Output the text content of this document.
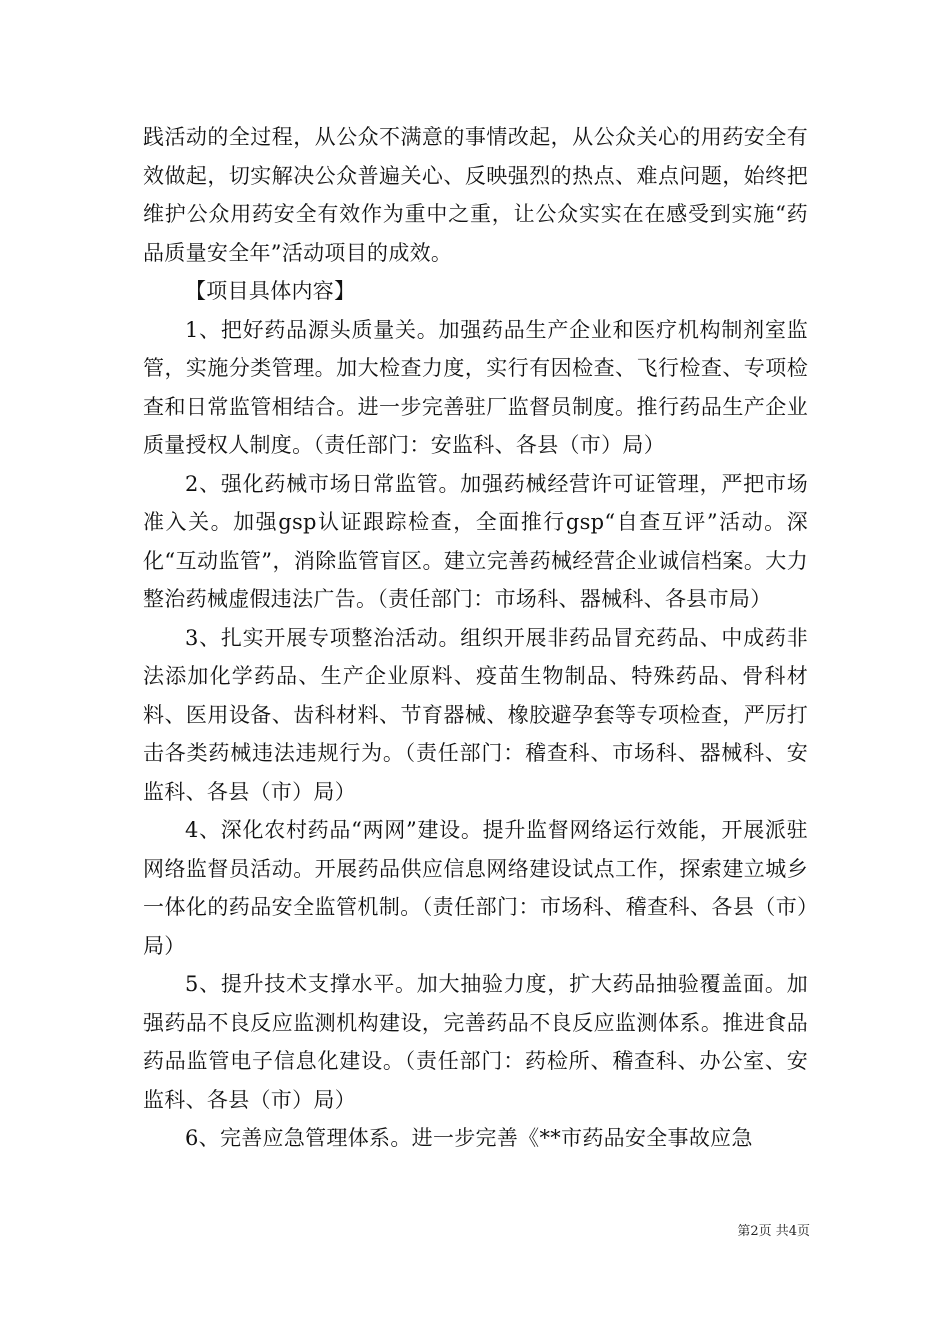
践活动的全过程，从公众不满意的事情改起，从公众关心的用药安全有效做起，切实解决公众普遍关心、反映强烈的热点、难点问题，始终把维护公众用药安全有效作为重中之重，让公众实实在在感受到实施“药品质量安全年”活动项目的成效。

【项目具体内容】

1、把好药品源头质量关。加强药品生产企业和医疗机构制剂室监管，实施分类管理。加大检查力度，实行有因检查、飞行检查、专项检查和日常监管相结合。进一步完善驻厂监督员制度。推行药品生产企业质量授权人制度。（责任部门：安监科、各县（市）局）

2、强化药械市场日常监管。加强药械经营许可证管理，严把市场准入关。加强gsp认证跟踪检查，全面推行gsp“自查互评”活动。深化“互动监管”，消除监管盲区。建立完善药械经营企业诚信档案。大力整治药械虚假违法广告。（责任部门：市场科、器械科、各县市局）

3、扎实开展专项整治活动。组织开展非药品冒充药品、中成药非法添加化学药品、生产企业原料、疫苗生物制品、特殊药品、骨科材料、医用设备、齿科材料、节育器械、橡胶避孕套等专项检查，严厉打击各类药械违法违规行为。（责任部门：稽查科、市场科、器械科、安监科、各县（市）局）

4、深化农村药品“两网”建设。提升监督网络运行效能，开展派驻网络监督员活动。开展药品供应信息网络建设试点工作，探索建立城乡一体化的药品安全监管机制。（责任部门：市场科、稽查科、各县（市）局）

5、提升技术支撑水平。加大抽验力度，扩大药品抽验覆盖面。加强药品不良反应监测机构建设，完善药品不良反应监测体系。推进食品药品监管电子信息化建设。（责任部门：药检所、稽查科、办公室、安监科、各县（市）局）

6、完善应急管理体系。进一步完善《**市药品安全事故应急

第2页 共4页
